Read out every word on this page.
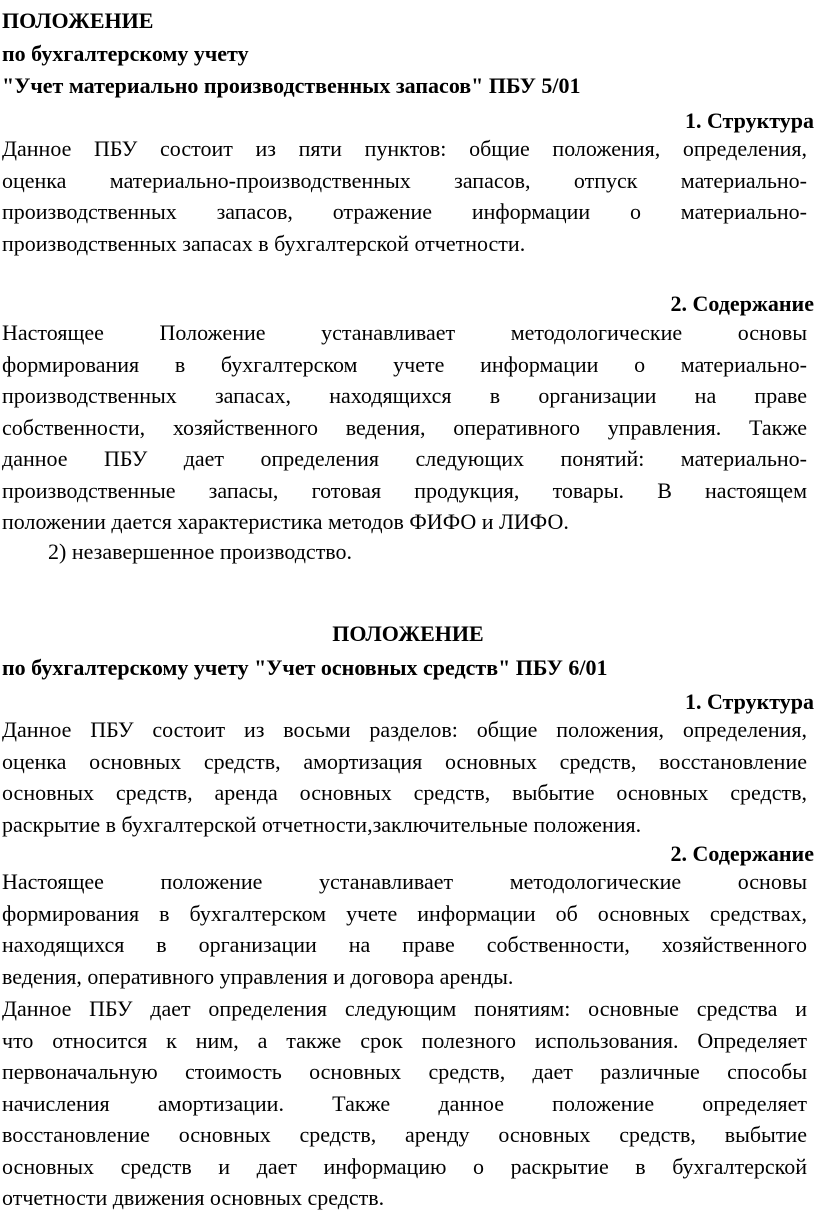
ПОЛОЖЕНИЕ
по бухгалтерскому учету
"Учет материально производственных запасов" ПБУ 5/01
1. Структура
Данное ПБУ состоит из пяти пунктов: общие положения, определения,
оценка материально-производственных запасов, отпуск материально-
производственных запасов, отражение информации о материально-
производственных запасах в бухгалтерской отчетности.
2. Содержание
Настоящее Положение устанавливает методологические основы
формирования в бухгалтерском учете информации о материально-
производственных запасах, находящихся в организации на праве
собственности, хозяйственного ведения, оперативного управления. Также
данное ПБУ дает определения следующих понятий: материально-
производственные запасы, готовая продукция, товары. В настоящем
положении дается характеристика методов ФИФО и ЛИФО.
2) незавершенное производство.
ПОЛОЖЕНИЕ
по бухгалтерскому учету "Учет основных средств" ПБУ 6/01
1. Структура
Данное ПБУ состоит из восьми разделов: общие положения, определения,
оценка основных средств, амортизация основных средств, восстановление
основных средств, аренда основных средств, выбытие основных средств,
раскрытие в бухгалтерской отчетности,заключительные положения.
2. Содержание
Настоящее положение устанавливает методологические основы
формирования в бухгалтерском учете информации об основных средствах,
находящихся в организации на праве собственности, хозяйственного
ведения, оперативного управления и договора аренды.
Данное ПБУ дает определения следующим понятиям: основные средства и
что относится к ним, а также срок полезного использования. Определяет
первоначальную стоимость основных средств, дает различные способы
начисления амортизации. Также данное положение определяет
восстановление основных средств, аренду основных средств, выбытие
основных средств и дает информацию о раскрытие в бухгалтерской
отчетности движения основных средств.
